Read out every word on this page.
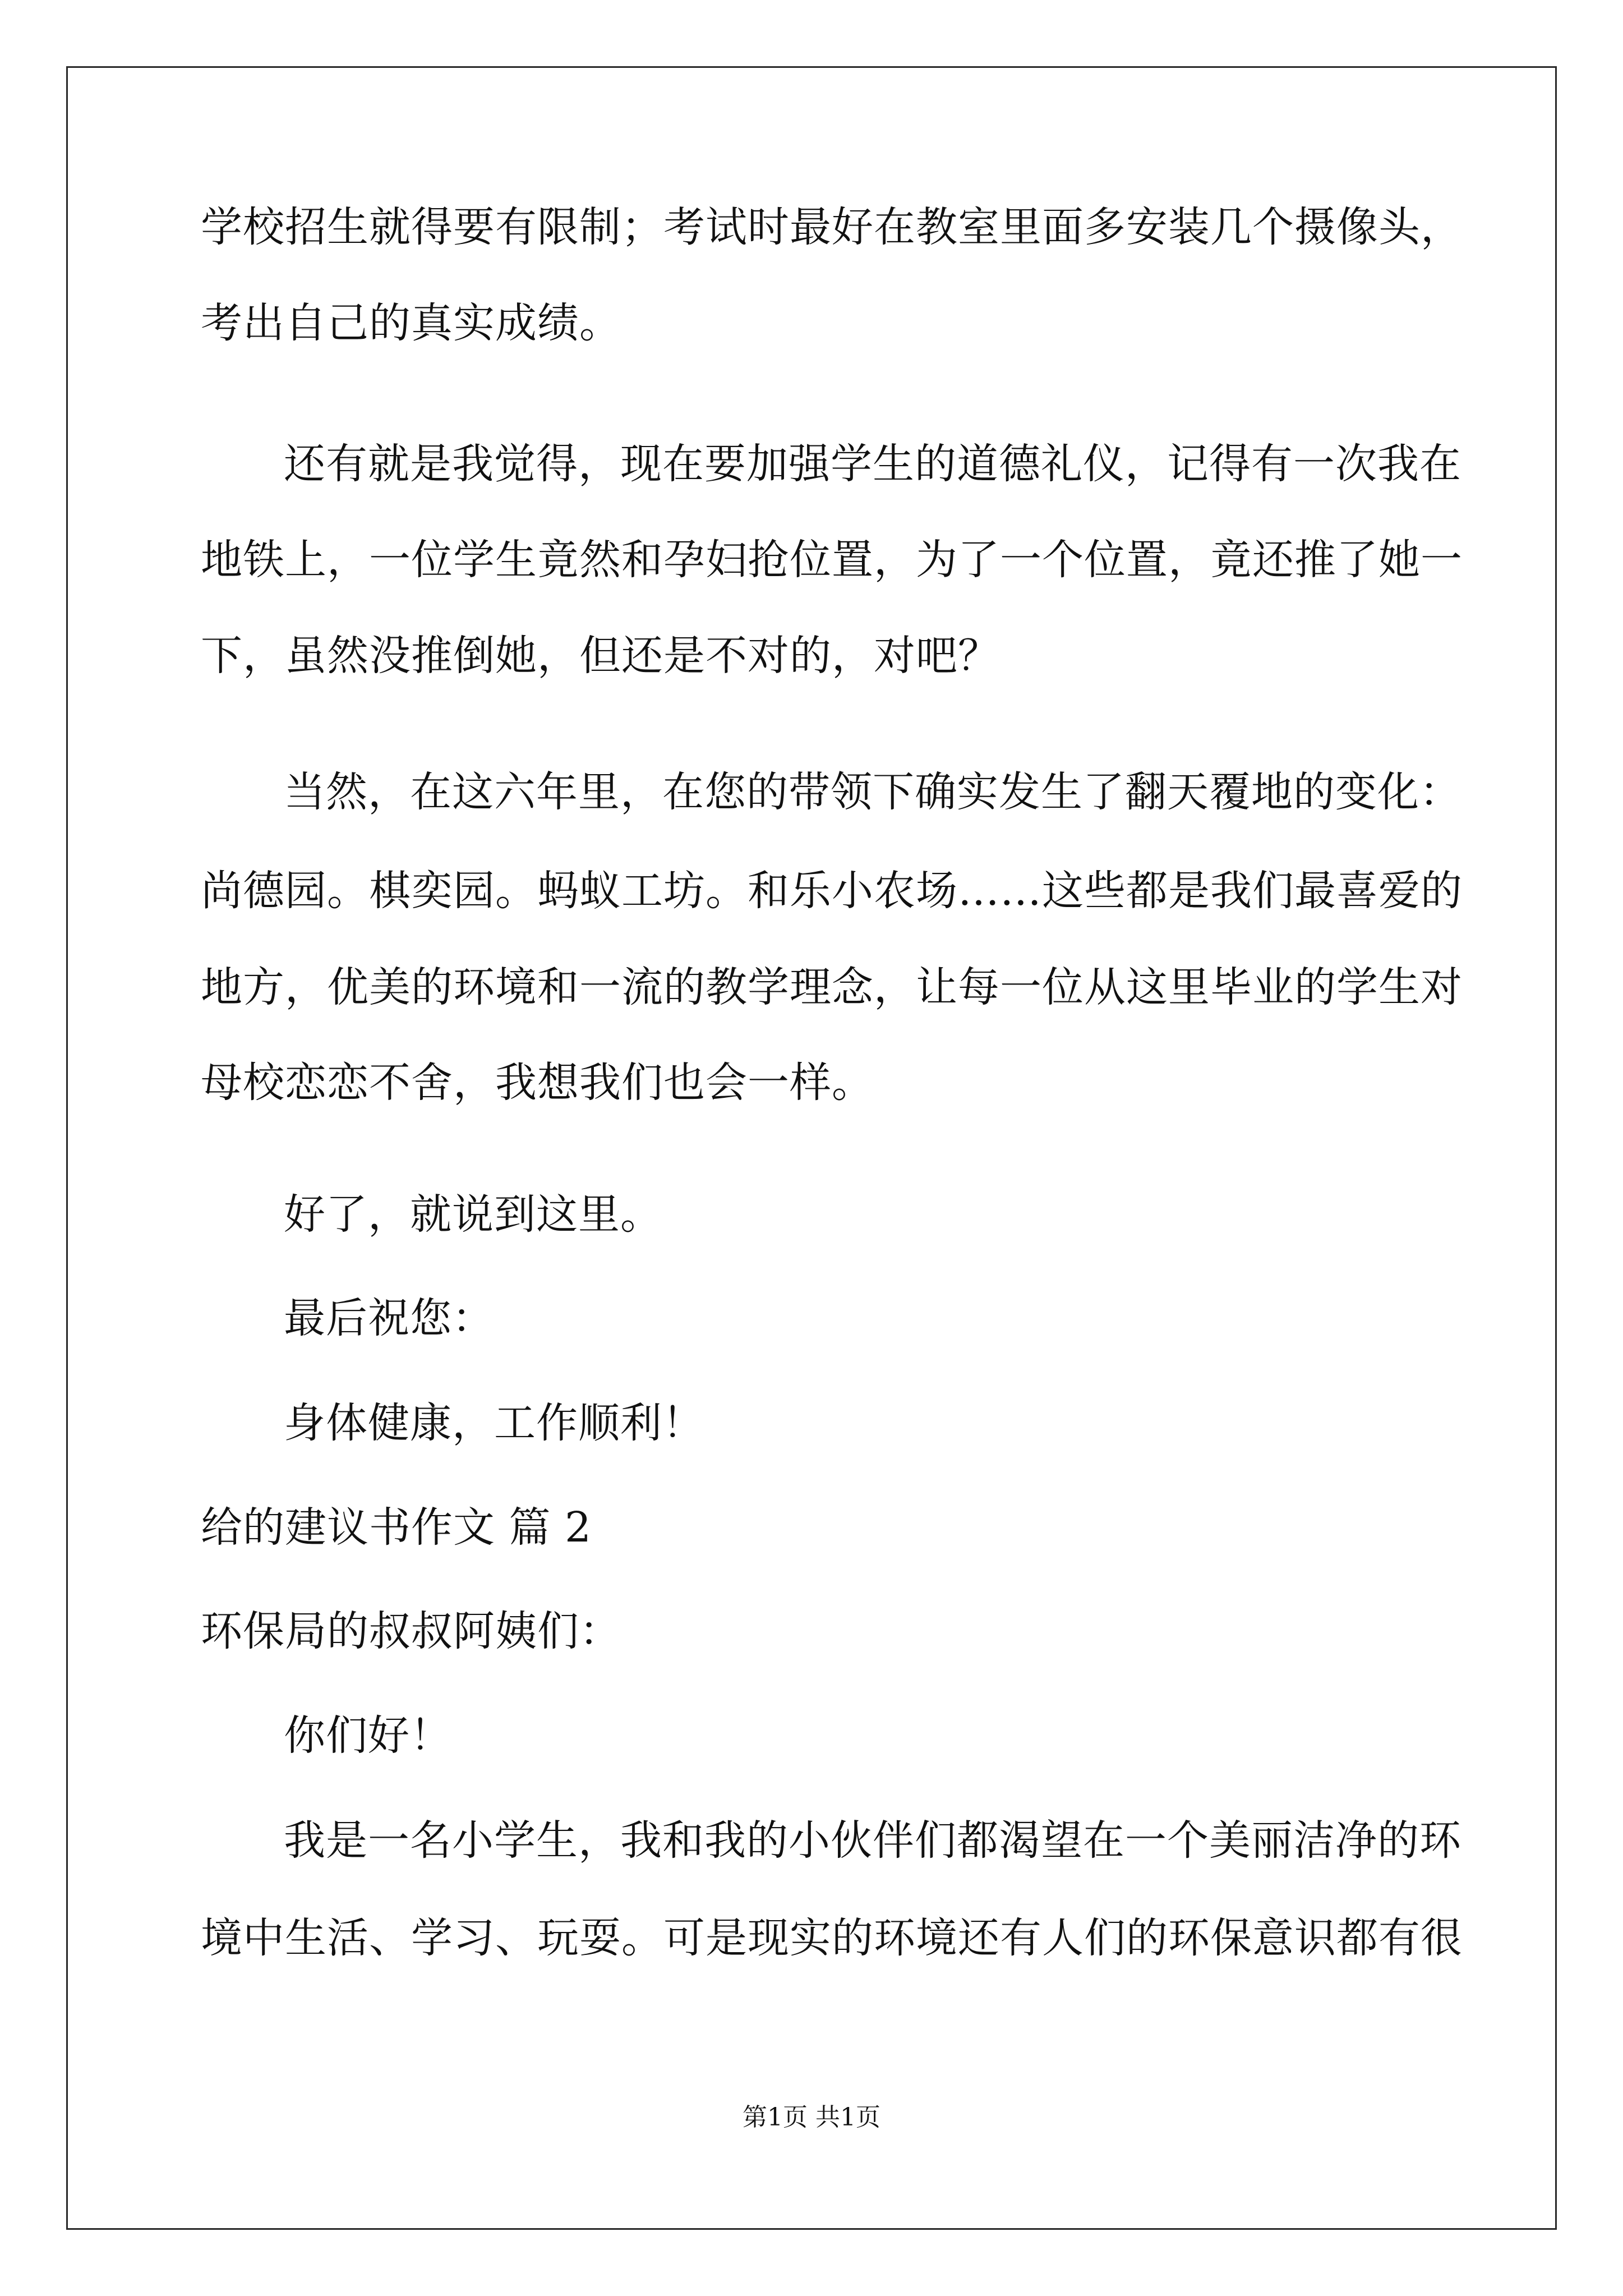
学校招生就得要有限制；考试时最好在教室里面多安装几个摄像头，
考出自己的真实成绩。
还有就是我觉得，现在要加强学生的道德礼仪，记得有一次我在
地铁上，一位学生竟然和孕妇抢位置，为了一个位置，竟还推了她一
下，虽然没推倒她，但还是不对的，对吧？
当然，在这六年里，在您的带领下确实发生了翻天覆地的变化：
尚德园。棋奕园。蚂蚁工坊。和乐小农场……这些都是我们最喜爱的
地方，优美的环境和一流的教学理念，让每一位从这里毕业的学生对
母校恋恋不舍，我想我们也会一样。
好了，就说到这里。
最后祝您：
身体健康，工作顺利！
给的建议书作文 篇 2
环保局的叔叔阿姨们：
你们好！
我是一名小学生，我和我的小伙伴们都渴望在一个美丽洁净的环
境中生活、学习、玩耍。可是现实的环境还有人们的环保意识都有很
第1页 共1页
